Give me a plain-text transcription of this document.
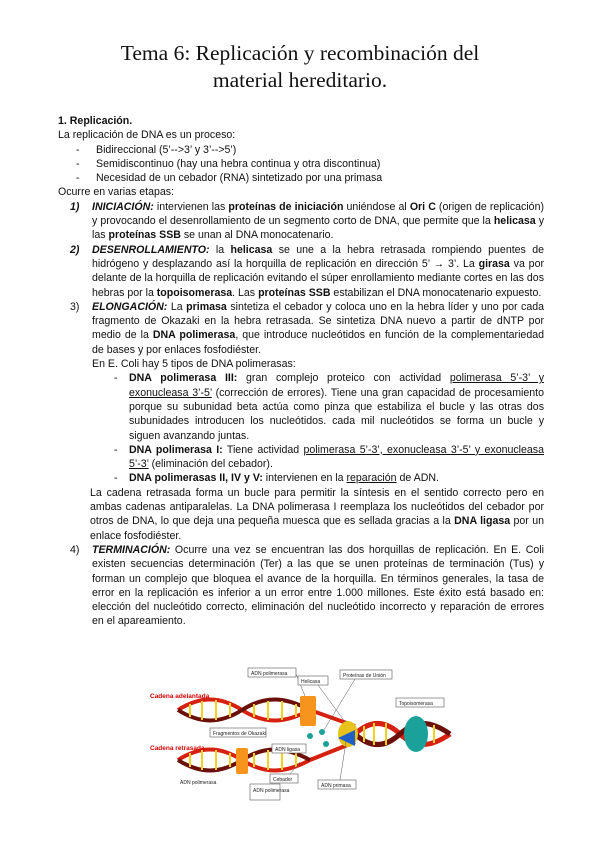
Tema 6: Replicación y recombinación del
material hereditario.

1. Replicación.

La replicación de DNA es un proceso:

-	Bidireccional (5’-->3’ y 3’-->5’)
-	Semidiscontinuo (hay una hebra continua y otra discontinua)
-	Necesidad de un cebador (RNA) sintetizado por una primasa

Ocurre en varias etapas:

1)	INICIACIÓN: intervienen las proteínas de iniciación uniéndose al Ori C (origen de replicación) y provocando el desenrollamiento de un segmento corto de DNA, que permite que la helicasa y las proteínas SSB se unan al DNA monocatenario.
2)	DESENROLLAMIENTO: la helicasa se une a la hebra retrasada rompiendo puentes de hidrógeno y desplazando así la horquilla de replicación en dirección 5’ → 3’. La girasa va por delante de la horquilla de replicación evitando el súper enrollamiento mediante cortes en las dos hebras por la topoisomerasa. Las proteínas SSB estabilizan el DNA monocatenario expuesto.
3)	ELONGACIÓN: La primasa sintetiza el cebador y coloca uno en la hebra líder y uno por cada fragmento de Okazaki en la hebra retrasada. Se sintetiza DNA nuevo a partir de dNTP por medio de la DNA polimerasa, que introduce nucleótidos en función de la complementariedad de bases y por enlaces fosfodiéster.

En E. Coli hay 5 tipos de DNA polimerasas:

-	DNA polimerasa III: gran complejo proteico con actividad polimerasa 5’-3’ y exonucleasa 3’-5’ (corrección de errores). Tiene una gran capacidad de procesamiento porque su subunidad beta actúa como pinza que estabiliza el bucle y las otras dos subunidades introducen los nucleótidos. cada mil nucleótidos se forma un bucle y siguen avanzando juntas.
-	DNA polimerasa I: Tiene actividad polimerasa 5’-3’, exonucleasa 3’-5’ y exonucleasa 5’-3’ (eliminación del cebador).
-	DNA polimerasas II, IV y V: intervienen en la reparación de ADN.

La cadena retrasada forma un bucle para permitir la síntesis en el sentido correcto pero en ambas cadenas antiparalelas. La DNA polimerasa I reemplaza los nucleótidos del cebador por otros de DNA, lo que deja una pequeña muesca que es sellada gracias a la DNA ligasa por un enlace fosfodiéster.

4)	TERMINACIÓN: Ocurre una vez se encuentran las dos horquillas de replicación. En E. Coli existen secuencias determinación (Ter) a las que se unen proteínas de terminación (Tus) y forman un complejo que bloquea el avance de la horquilla. En términos generales, la tasa de error en la replicación es inferior a un error entre 1.000 millones. Este éxito está basado en: elección del nucleótido correcto, eliminación del nucleótido incorrecto y reparación de errores en el apareamiento.
ADN polimerasa
Helicasa
Proteínas de Unión
Topoisomerasa
Fragmentos de Okazaki
ADN ligasa
Cebador
ADN polimerasa
ADN primasa
ADN polimerasa
Cadena adelantada
Cadena retrasada
